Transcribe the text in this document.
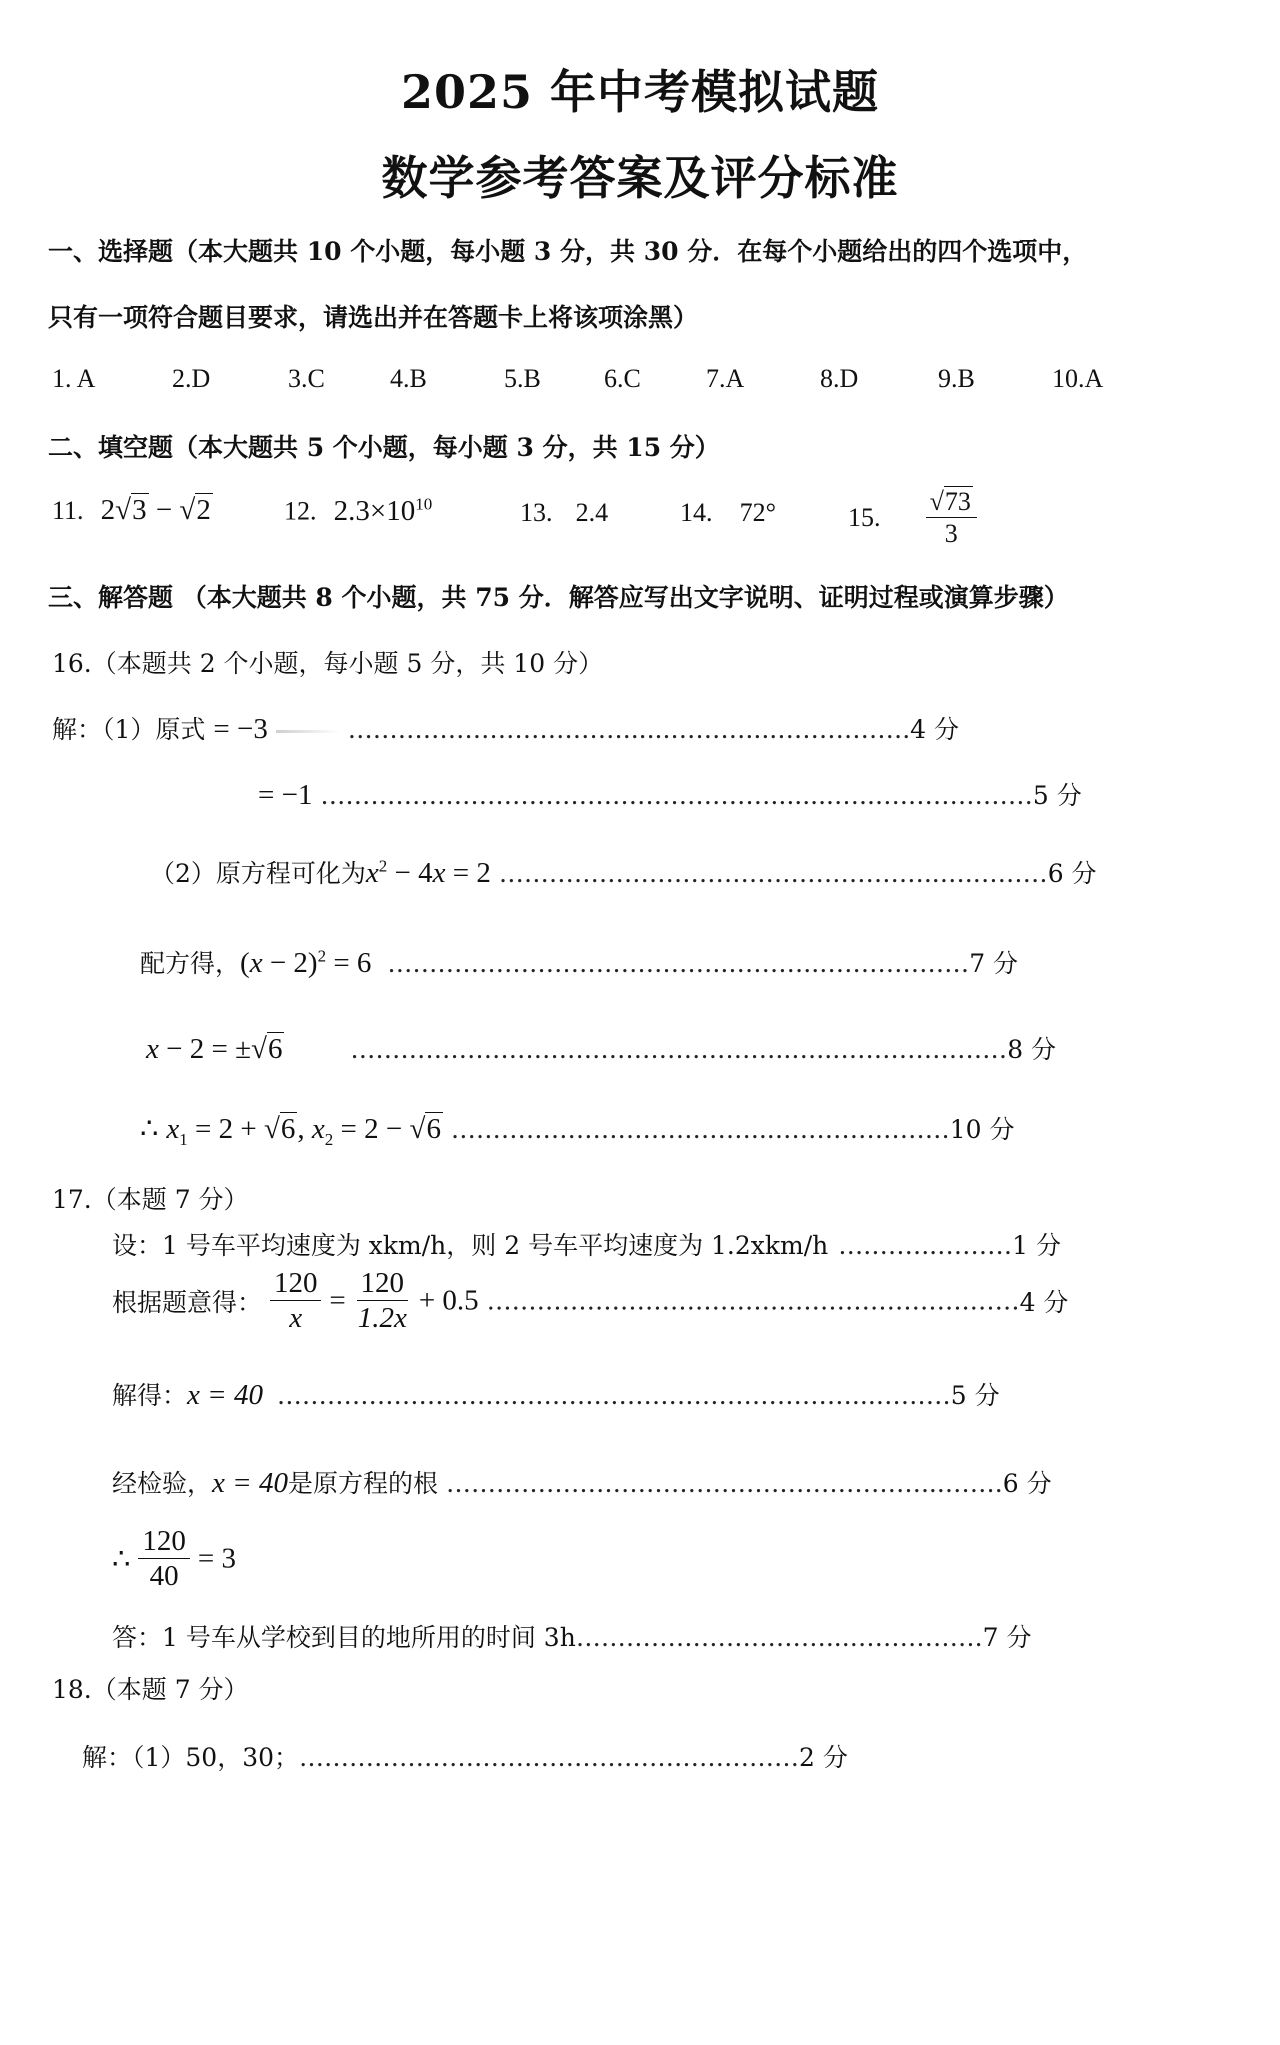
2025 年中考模拟试题
数学参考答案及评分标准
一、选择题（本大题共 10 个小题，每小题 3 分，共 30 分．在每个小题给出的四个选项中，
只有一项符合题目要求，请选出并在答题卡上将该项涂黑）
1. A	2.D	3.C	4.B	5.B 6.C	7.A	8.D	9.B	10.A
二、填空题（本大题共 5 个小题，每小题 3 分，共 15 分）
11. 2√3 − √2	12. $2.3\times 10^{10}$	13. 2.4	14. 72°	15. $\frac{√73}{3}$
三、解答题 （本大题共 8 个小题，共 75 分．解答应写出文字说明、证明过程或演算步骤）
16.（本题共 2 个小题，每小题 5 分，共 10 分）
解：（1）原式 = −3	……………………………......………....…………….4 分
= −1 ………………………………………………........…..….……………5 分
（2）原方程可化为$x^2 - 4x = 2$ ……………………………………………..….………6 分
配方得，$(x - 2)^2 = 6$ …………………………………..………..………………7 分
x − 2 = ±√6	……………………………………………..…..…………………8 分
∴ $x_1 = 2 + √6$, $x_2 = 2 - √6$ ………………………………...…………………10 分
17.（本题 7 分）
设：1 号车平均速度为 xkm/h，则 2 号车平均速度为 1.2xkm/h ….……..………1 分
根据题意得： $\frac{120}{x} = \frac{120}{1.2x} + 0.5$ ………………………………………………….……4 分
解得：x = 40 ……………………………………………………………...………5 分
经检验，x = 40是原方程的根 …………………………………………………...…….6 分
∴ $\frac{120}{40} = 3$
答：1 号车从学校到目的地所用的时间 3h…………………………...…………….7 分
18.（本题 7 分）
解：（1）50，30；……………………………………………………2 分
